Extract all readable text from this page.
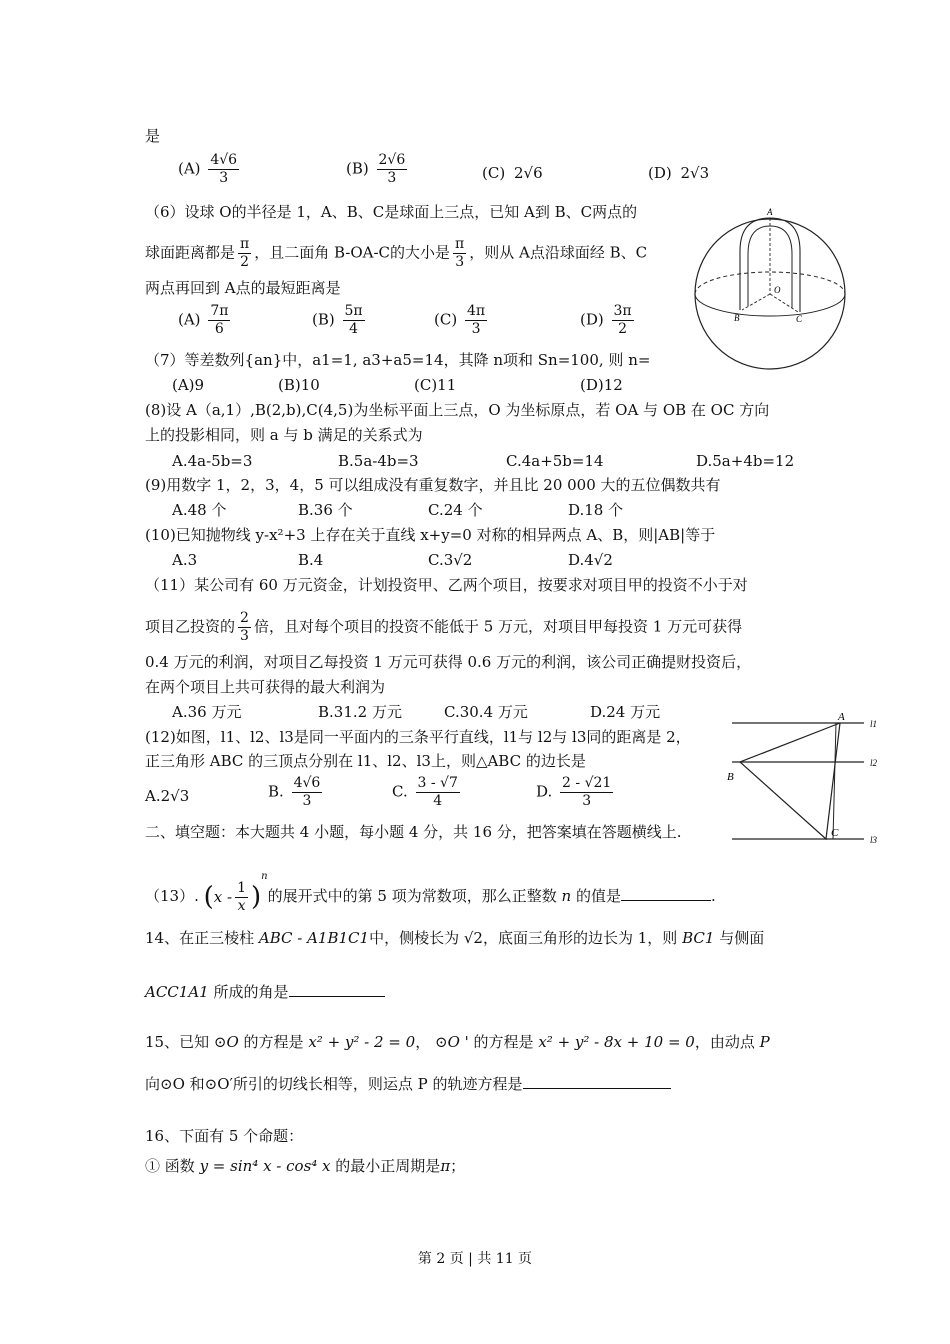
是
$(A) \frac{4√6}{3}$	$(B) \frac{2√6}{3}$	(C) 2√6	(D) 2√3
（6）设球 O的半径是 1，A、B、C是球面上三点，已知 A到 B、C两点的
球面距离都是 $\frac{\pi}{2}$ ，且二面角 B-OA-C的大小是 $\frac{\pi}{3}$ ，则从 A点沿球面经 B、C
两点再回到 A点的最短距离是
$(A) \frac{7\pi}{6}$	$(B) \frac{5\pi}{4}$	$(C) \frac{4\pi}{3}$	$(D) \frac{3\pi}{2}$
A
O
B	C
（7）等差数列{an}中，a1=1, a3+a5=14，其降 n项和 Sn=100, 则 n=
(A)9	(B)10	(C)11	(D)12
(8)设 A（a,1）,B(2,b),C(4,5)为坐标平面上三点，O 为坐标原点，若 OA 与 OB 在 OC 方向
上的投影相同，则 a 与 b 满足的关系式为
A.4a-5b=3	B.5a-4b=3	C.4a+5b=14	D.5a+4b=12
(9)用数字 1，2，3，4，5 可以组成没有重复数字，并且比 20 000 大的五位偶数共有
A.48 个	B.36 个	C.24 个	D.18 个
(10)已知抛物线 y-x²+3 上存在关于直线 x+y=0 对称的相异两点 A、B，则|AB|等于
A.3	B.4	C.3√2	D.4√2
（11）某公司有 60 万元资金，计划投资甲、乙两个项目，按要求对项目甲的投资不小于对
项目乙投资的 $\frac{2}{3}$ 倍，且对每个项目的投资不能低于 5 万元，对项目甲每投资 1 万元可获得
0.4 万元的利润，对项目乙每投资 1 万元可获得 0.6 万元的利润，该公司正确提财投资后，
在两个项目上共可获得的最大利润为
A.36 万元	B.31.2 万元	C.30.4 万元	D.24 万元
(12)如图，l1、l2、l3是同一平面内的三条平行直线，l1与 l2与 l3同的距离是 2，
正三角形 ABC 的三顶点分别在 l1、l2、l3上，则△ABC 的边长是
A.2√3	B. $\frac{4√6}{3}$	C. $\frac{3 - √7}{4}$	D. $\frac{2 - √21}{3}$
A
B
C
l1
l2
l3
二、填空题：本大题共 4 小题，每小题 4 分，共 16 分，把答案填在答题横线上.
（13）. $(x - \frac{1}{x} )^n$的展开式中的第 5 项为常数项，那么正整数 n 的值是	.
14、在正三棱柱 ABC - A1B1C1中，侧棱长为 √2，底面三角形的边长为 1，则 BC1 与侧面
ACC1A1 所成的角是
15、已知 ⊙O 的方程是 x² + y² - 2 = 0， ⊙O ' 的方程是 x² + y² - 8x + 10 = 0，由动点 P
向⊙O 和⊙O′所引的切线长相等，则运点 P 的轨迹方程是
16、下面有 5 个命题：
① 函数 y = sin⁴ x - cos⁴ x 的最小正周期是π；
第 2 页 | 共 11 页
